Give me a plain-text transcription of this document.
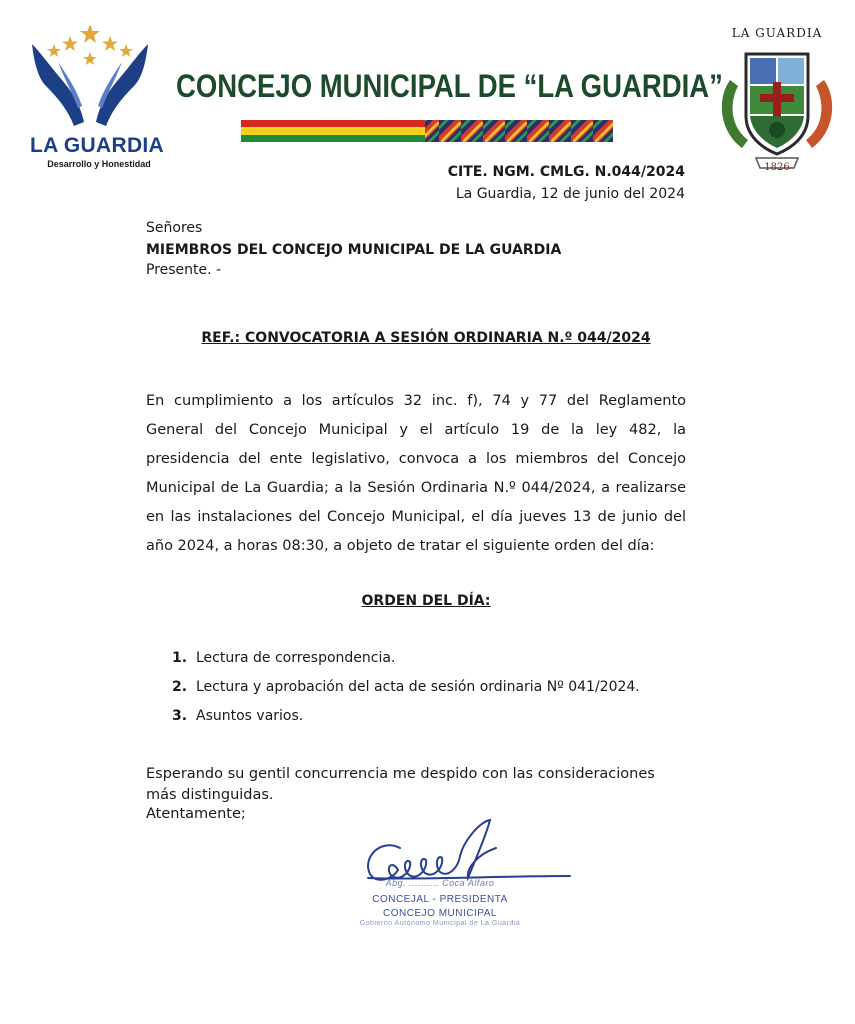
LA GUARDIA
Desarrollo y Honestidad
CONCEJO MUNICIPAL DE “LA GUARDIA”
LA GUARDIA
1826
CITE. NGM. CMLG. N.044/2024
La Guardia, 12 de junio del 2024
Señores
MIEMBROS DEL CONCEJO MUNICIPAL DE LA GUARDIA
Presente. -
REF.: CONVOCATORIA A SESIÓN ORDINARIA N.º 044/2024
En cumplimiento a los artículos 32 inc. f), 74 y 77 del Reglamento General del Concejo Municipal y el artículo 19 de la ley 482, la presidencia del ente legislativo, convoca a los miembros del Concejo Municipal de La Guardia; a la Sesión Ordinaria N.º 044/2024, a realizarse en las instalaciones del Concejo Municipal, el día jueves 13 de junio del año 2024, a horas 08:30, a objeto de tratar el siguiente orden del día:
ORDEN DEL DÍA:
1. Lectura de correspondencia.
2. Lectura y aprobación del acta de sesión ordinaria Nº 041/2024.
3. Asuntos varios.
Esperando su gentil concurrencia me despido con las consideraciones más distinguidas.
Atentamente;
Abg. .......... Coca Alfaro
CONCEJAL - PRESIDENTA
CONCEJO MUNICIPAL
Gobierno Autónomo Municipal de La Guardia
